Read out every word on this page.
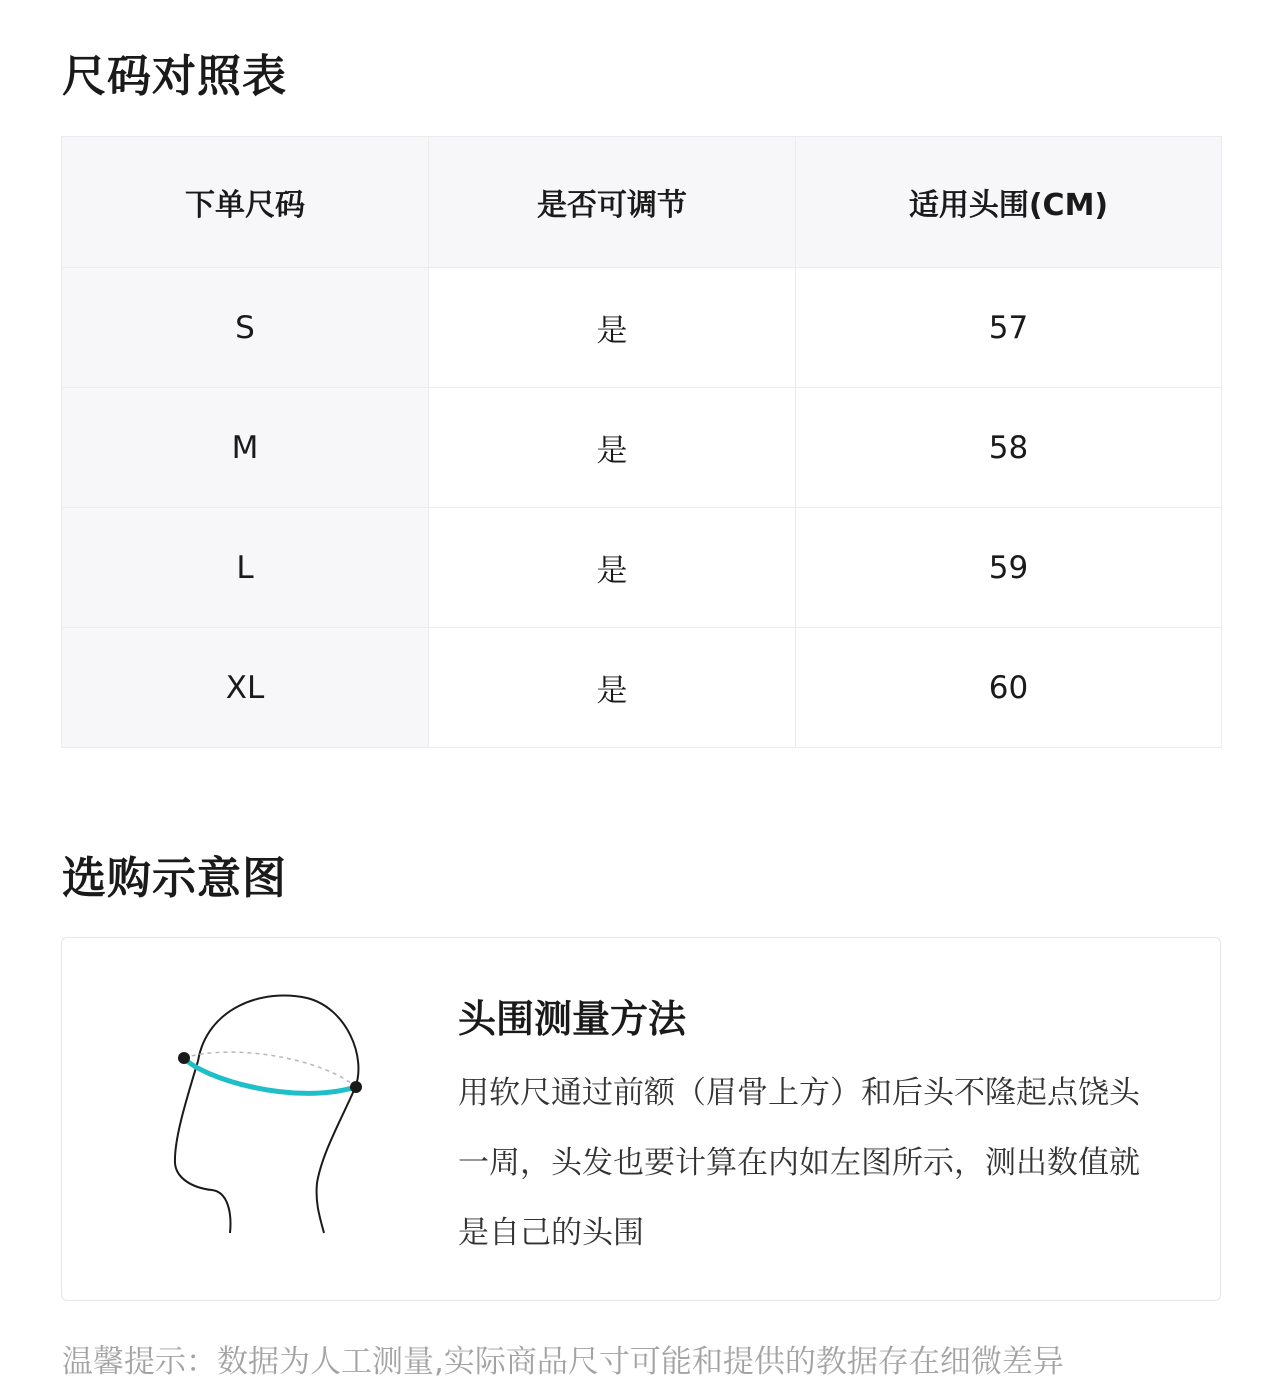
尺码对照表
下单尺码	是否可调节	适用头围(CM)
S	是	57
M	是	58
L	是	59
XL	是	60
选购示意图
头围测量方法

用软尺通过前额（眉骨上方）和后头不隆起点饶头一周，头发也要计算在内如左图所示，测出数值就是自己的头围

温馨提示：数据为人工测量,实际商品尺寸可能和提供的教据存在细微差异
